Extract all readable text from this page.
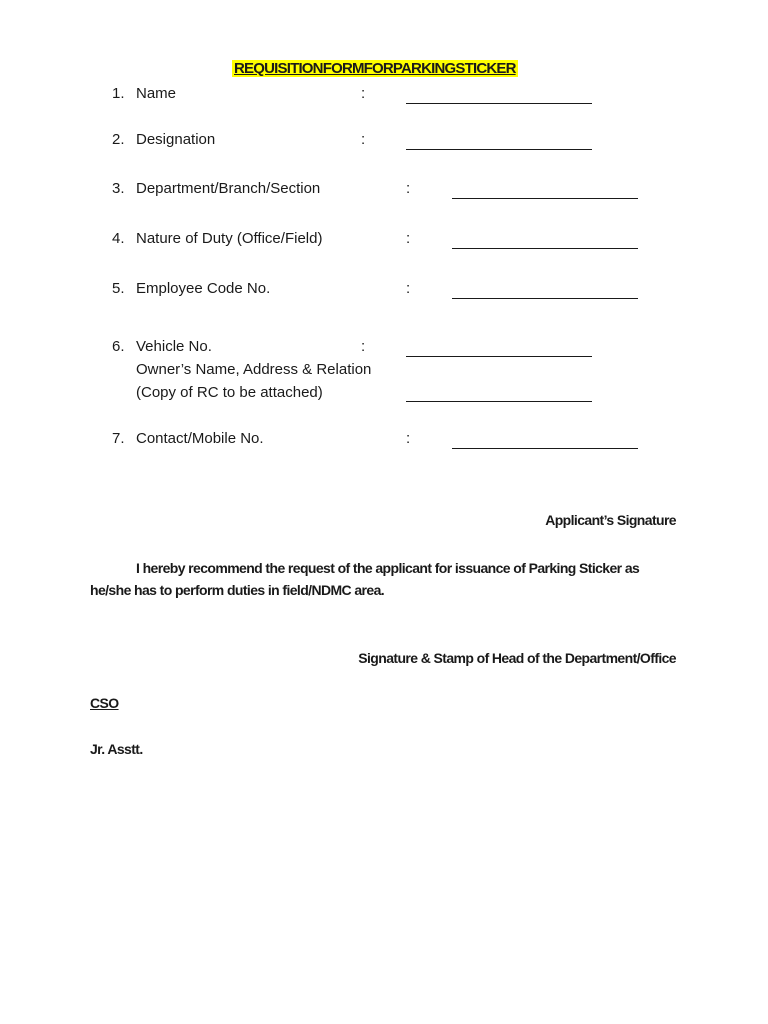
REQUISITIONFORMFORPARKINGSTICKER
1. Name	:
2. Designation	:
3. Department/Branch/Section	:
4. Nature of Duty (Office/Field)	:
5. Employee Code No.	:
6. Vehicle No.	:
Owner’s Name, Address & Relation
(Copy of RC to be attached)
7. Contact/Mobile No.	:
Applicant’s Signature
I hereby recommend the request of the applicant for issuance of Parking Sticker as
he/she has to perform duties in field/NDMC area.
Signature & Stamp of Head of the Department/Office
CSO
Jr. Asstt.
